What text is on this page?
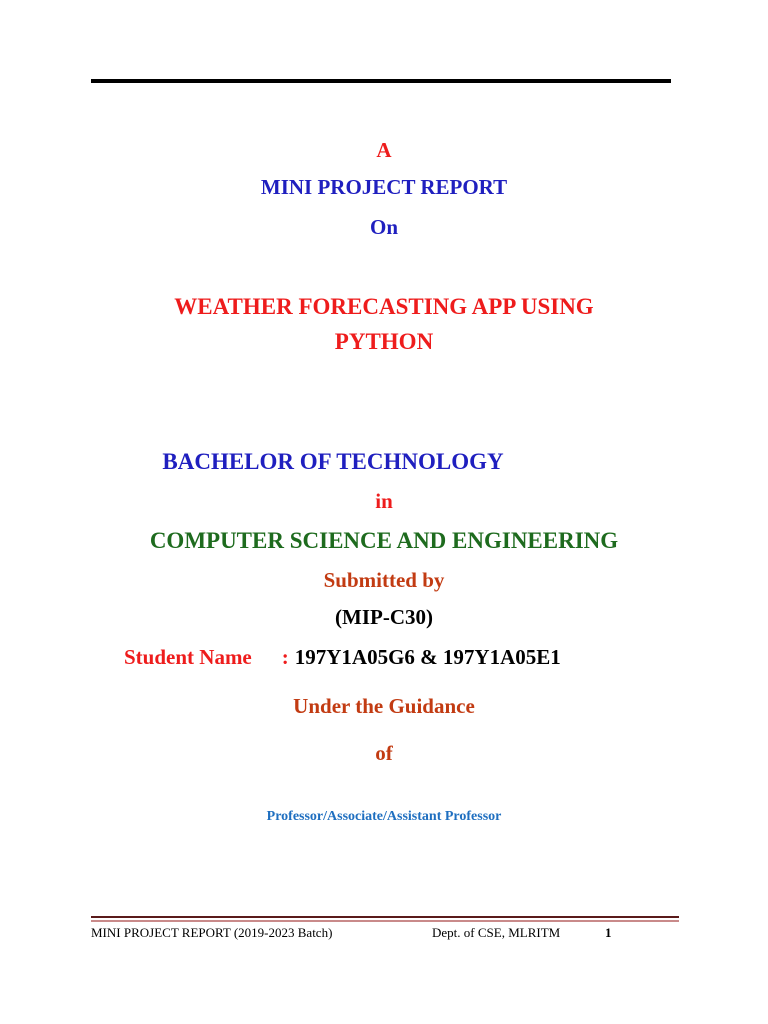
A
MINI PROJECT REPORT
On
WEATHER FORECASTING APP USING
PYTHON
BACHELOR OF TECHNOLOGY
in
COMPUTER SCIENCE AND ENGINEERING
Submitted by
(MIP-C30)
Student Name : 197Y1A05G6 & 197Y1A05E1
Under the Guidance
of
Professor/Associate/Assistant Professor
MINI PROJECT REPORT (2019-2023 Batch)	Dept. of CSE, MLRITM	1
